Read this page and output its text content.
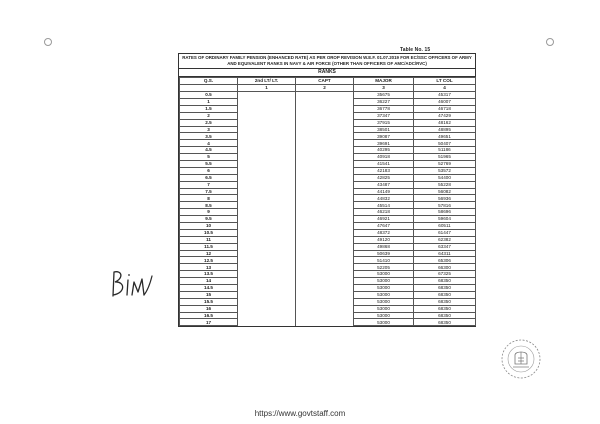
Table No. 15
RATES OF ORDINARY FAMILY PENSION (ENHANCED RATE) AS PER OROP REVISION W.E.F. 01.07.2019 FOR EC/SSC OFFICERS OF ARMY AND EQUIVALENT RANKS IN NAVY & AIR FORCE (OTHER THAN OFFICERS OF AMC/ADC/RVC)
RANKS
Q.S.	2nd LT/ LT.	CAPT	MAJOR	LT COL
	1	2	3	4
0.5			35675	45317
1			36227	46007
1.5			36778	46718
2			37347	47429
2.5			37915	48162
3			38501	48895
3.5			39087	49651
4			39691	50407
4.5			40295	51186
5			40918	51965
5.5			41541	52769
6			42183	53572
6.5			42825	54400
7			43487	55228
7.5			44149	56082
8			44832	56936
8.5			45514	57816
9			46218	58696
9.5			46921	59604
10			47647	60511
10.5			48372	61447
11			49120	62382
11.5			49868	63347
12			50639	64311
12.5			51410	65306
13			52205	66300
13.5			53000	67325
14			53000	68350
14.5			53000	68350
15			53000	68350
15.5			53000	68350
16			53000	68350
16.5			53000	68350
17			53000	68350
https://www.govtstaff.com
